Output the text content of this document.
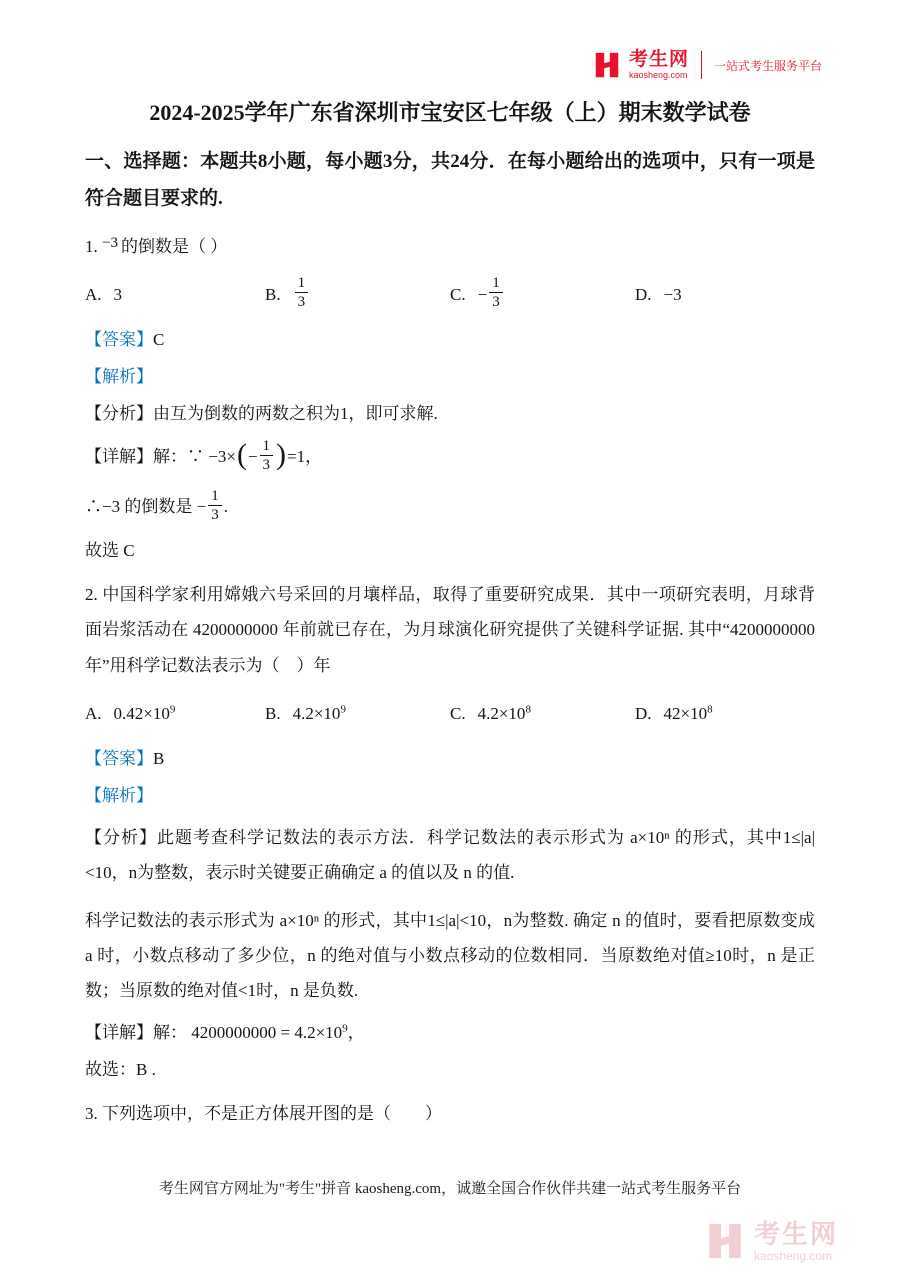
考生网
kaosheng.com
一站式考生服务平台
2024-2025学年广东省深圳市宝安区七年级（上）期末数学试卷

一、选择题：本题共8小题，每小题3分，共24分．在每小题给出的选项中，只有一项是符合题目要求的.

1. −3 的倒数是（ ）

A. 3	B. $\frac{1}{3}$	C. − $\frac{1}{3}$	D. −3

【答案】C

【解析】

【分析】由互为倒数的两数之积为1，即可求解.

【详解】解：∵ $-3\times(- \frac{1}{3} )=1$，

∴−3 的倒数是 − $\frac{1}{3}$ .

故选 C

2. 中国科学家利用嫦娥六号采回的月壤样品，取得了重要研究成果．其中一项研究表明，月球背面岩浆活动在 4200000000 年前就已存在，为月球演化研究提供了关键科学证据. 其中“4200000000 年”用科学记数法表示为（　）年

A. $0.42\times 10^9$	B. $4.2\times 10^9$	C. $4.2\times 10^8$	D. $42\times 10^8$

【答案】B

【解析】

【分析】此题考查科学记数法的表示方法．科学记数法的表示形式为 a×10ⁿ 的形式，其中1≤|a|<10，n为整数，表示时关键要正确确定 a 的值以及 n 的值.

科学记数法的表示形式为 a×10ⁿ 的形式，其中1≤|a|<10，n为整数. 确定 n 的值时，要看把原数变成 a 时，小数点移动了多少位，n 的绝对值与小数点移动的位数相同．当原数绝对值≥10时，n 是正数；当原数的绝对值<1时，n 是负数.

【详解】解： $4200000000 = 4.2\times 10^9$，

故选：B .

3. 下列选项中，不是正方体展开图的是（　　）

考生网官方网址为"考生"拼音 kaosheng.com，诚邀全国合作伙伴共建一站式考生服务平台
考生网
kaosheng.com
